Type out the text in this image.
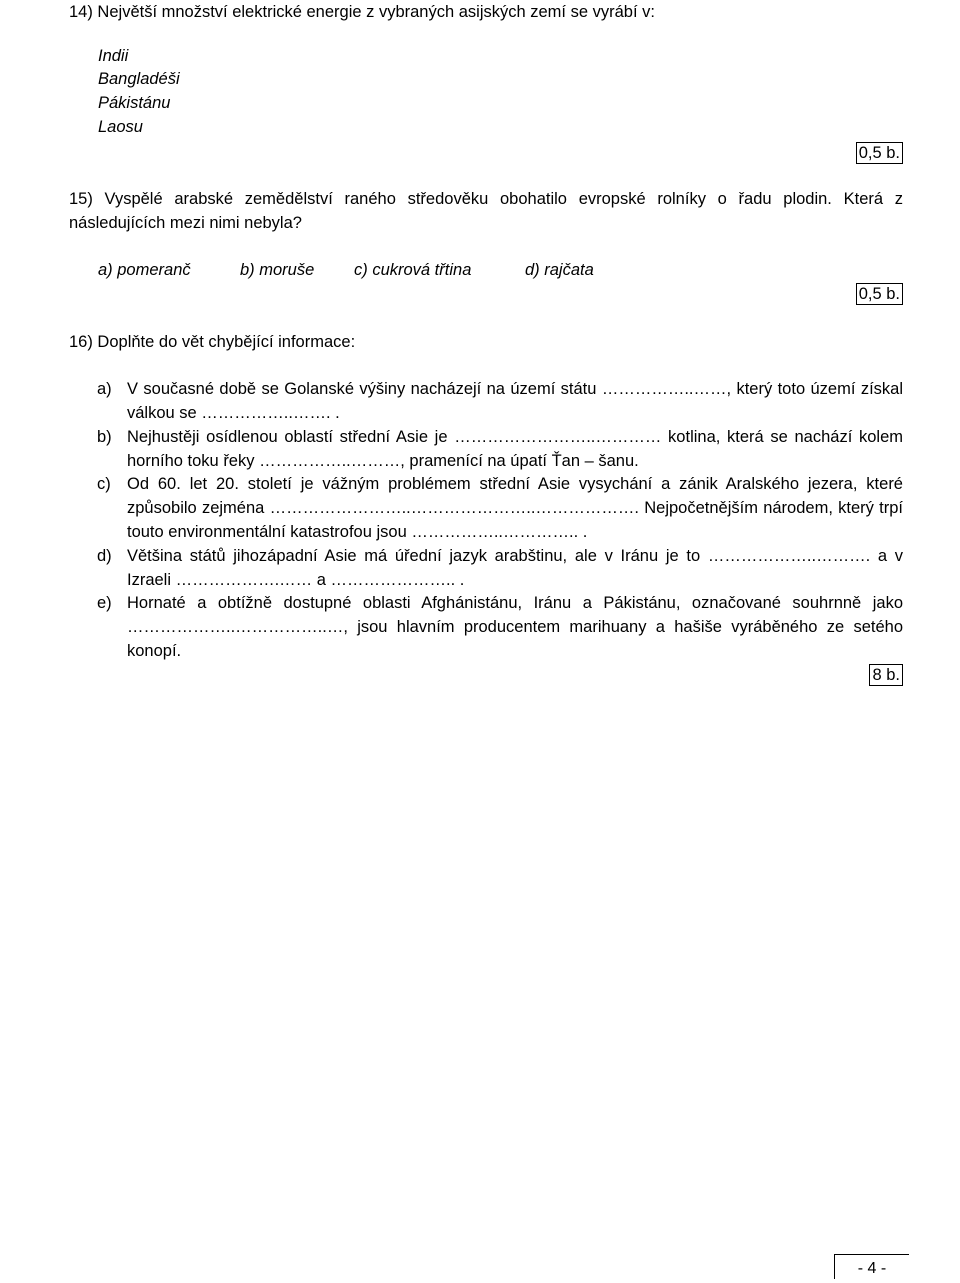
14) Největší množství elektrické energie z vybraných asijských zemí se vyrábí v:
Indii
Bangladéši
Pákistánu
Laosu
0,5 b.
15) Vyspělé arabské zemědělství raného středověku obohatilo evropské rolníky o řadu plodin. Která z následujících mezi nimi nebyla?
a) pomeranč	b) moruše c) cukrová třtina	d) rajčata
0,5 b.
16) Doplňte do vět chybějící informace:
a) V současné době se Golanské výšiny nacházejí na území státu ……………..……, který toto území získal válkou se ……………..……. .
b) Nejhustěji osídlenou oblastí střední Asie je ……………………..………… kotlina, která se nachází kolem horního toku řeky ……………..………, pramenící na úpatí Ťan – šanu.
c) Od 60. let 20. století je vážným problémem střední Asie vysychání a zánik Aralského jezera, které způsobilo zejména ……………………..…………………..………………. Nejpočetnějším národem, který trpí touto environmentální katastrofou jsou ……………..………….. .
d) Většina států jihozápadní Asie má úřední jazyk arabštinu, ale v Iránu je to ………………..………. a v Izraeli ……………….…… a ………………….. .
e) Hornaté a obtížně dostupné oblasti Afghánistánu, Iránu a Pákistánu, označované souhrnně jako ………………..……………..…, jsou hlavním producentem marihuany a hašiše vyráběného ze setého konopí.
8 b.
- 4 -
